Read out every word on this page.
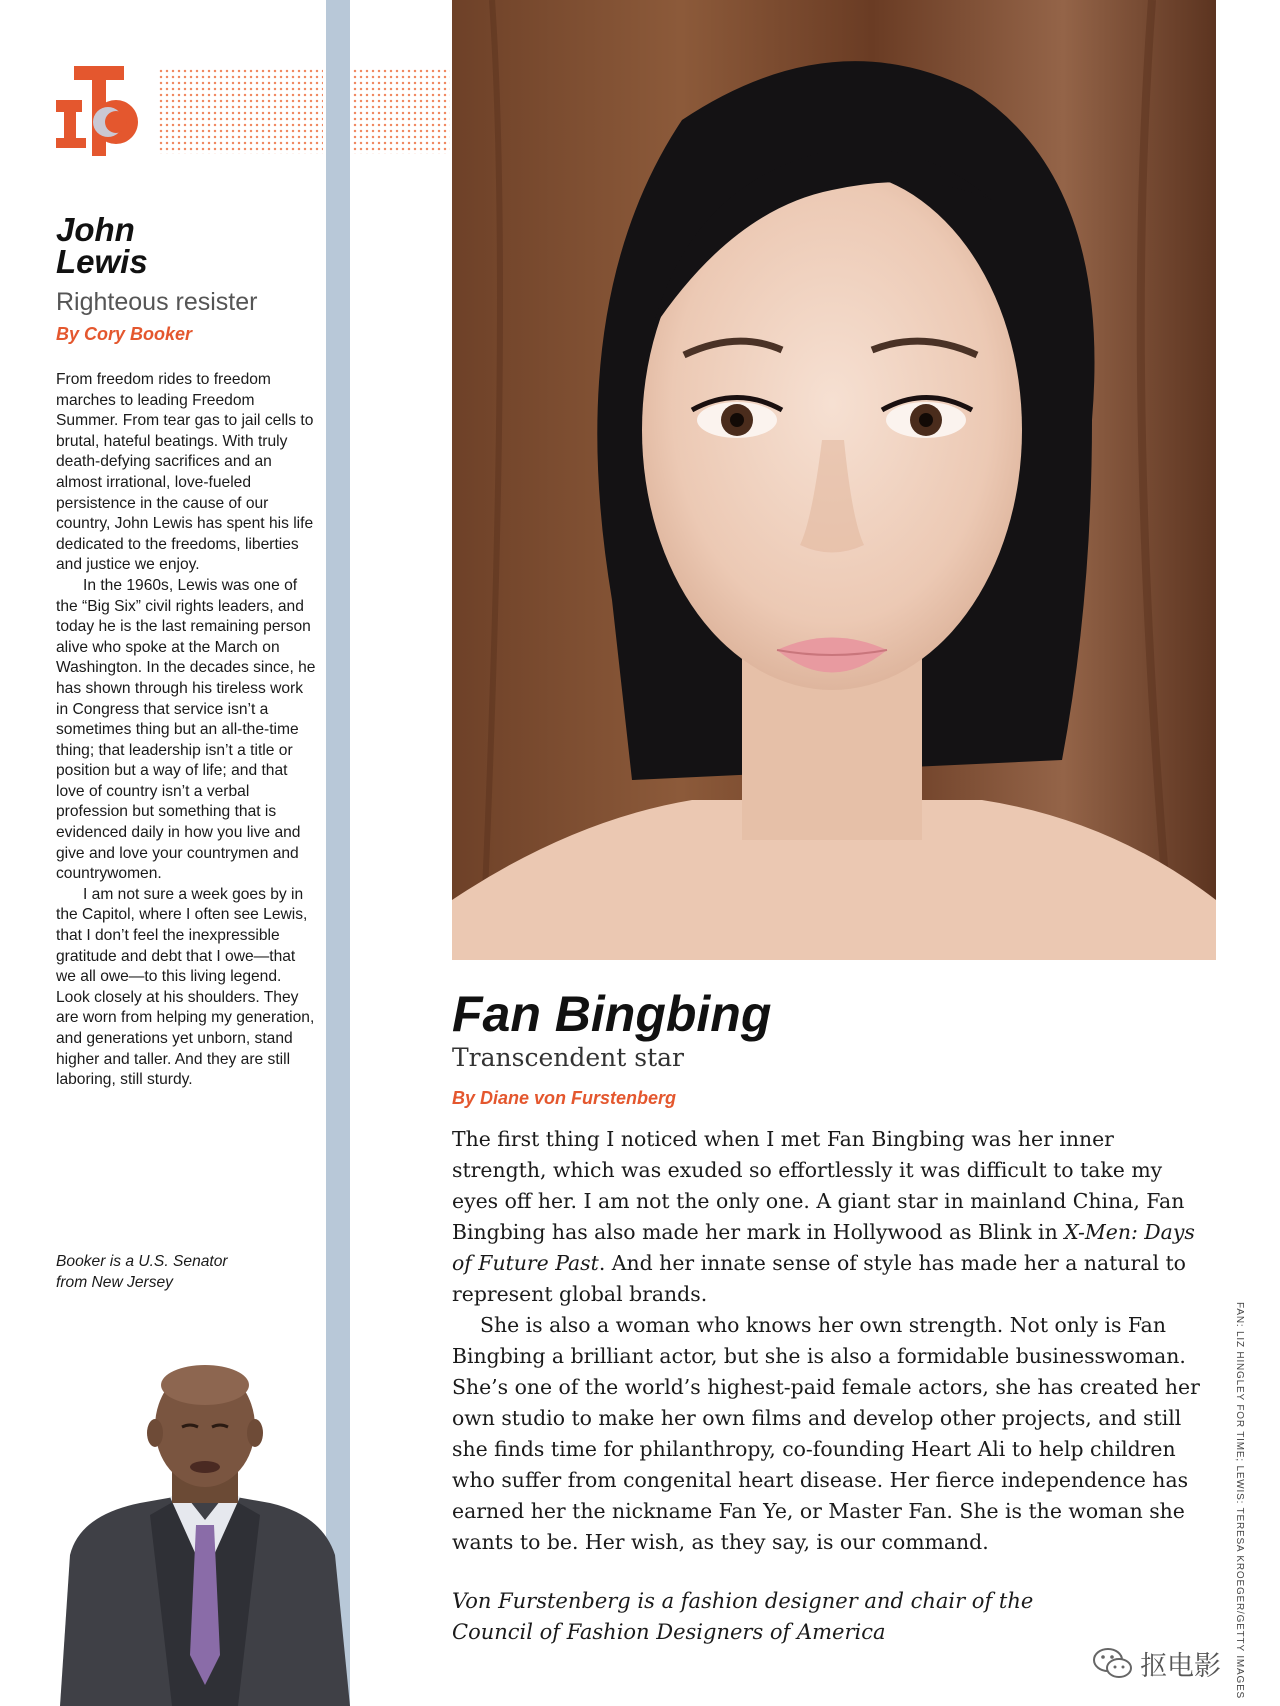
John
Lewis
Righteous resister
By Cory Booker

From freedom rides to freedom marches to leading Freedom Summer. From tear gas to jail cells to brutal, hateful beatings. With truly death-defying sacrifices and an almost irrational, love-fueled persistence in the cause of our country, John Lewis has spent his life dedicated to the freedoms, liberties and justice we enjoy.

In the 1960s, Lewis was one of the “Big Six” civil rights leaders, and today he is the last remaining person alive who spoke at the March on Washington. In the decades since, he has shown through his tireless work in Congress that service isn’t a sometimes thing but an all-the-time thing; that leadership isn’t a title or position but a way of life; and that love of country isn’t a verbal profession but something that is evidenced daily in how you live and give and love your countrymen and countrywomen.

I am not sure a week goes by in the Capitol, where I often see Lewis, that I don’t feel the inexpressible gratitude and debt that I owe—that we all owe—to this living legend. Look closely at his shoulders. They are worn from helping my generation, and generations yet unborn, stand higher and taller. And they are still laboring, still sturdy.

Booker is a U.S. Senator
from New Jersey
Fan Bingbing
Transcendent star
By Diane von Furstenberg

The first thing I noticed when I met Fan Bingbing was her inner strength, which was exuded so effortlessly it was difficult to take my eyes off her. I am not the only one. A giant star in mainland China, Fan Bingbing has also made her mark in Hollywood as Blink in X-Men: Days of Future Past. And her innate sense of style has made her a natural to represent global brands.

She is also a woman who knows her own strength. Not only is Fan Bingbing a brilliant actor, but she is also a formidable businesswoman. She’s one of the world’s highest-paid female actors, she has created her own studio to make her own films and develop other projects, and still she finds time for philanthropy, co-founding Heart Ali to help children who suffer from congenital heart disease. Her fierce independence has earned her the nickname Fan Ye, or Master Fan. She is the woman she wants to be. Her wish, as they say, is our command.

Von Furstenberg is a fashion designer and chair of the
Council of Fashion Designers of America	FAN: LIZ HINGLEY FOR TIME; LEWIS: TERESA KROEGER/GETTY IMAGES
抠电影
